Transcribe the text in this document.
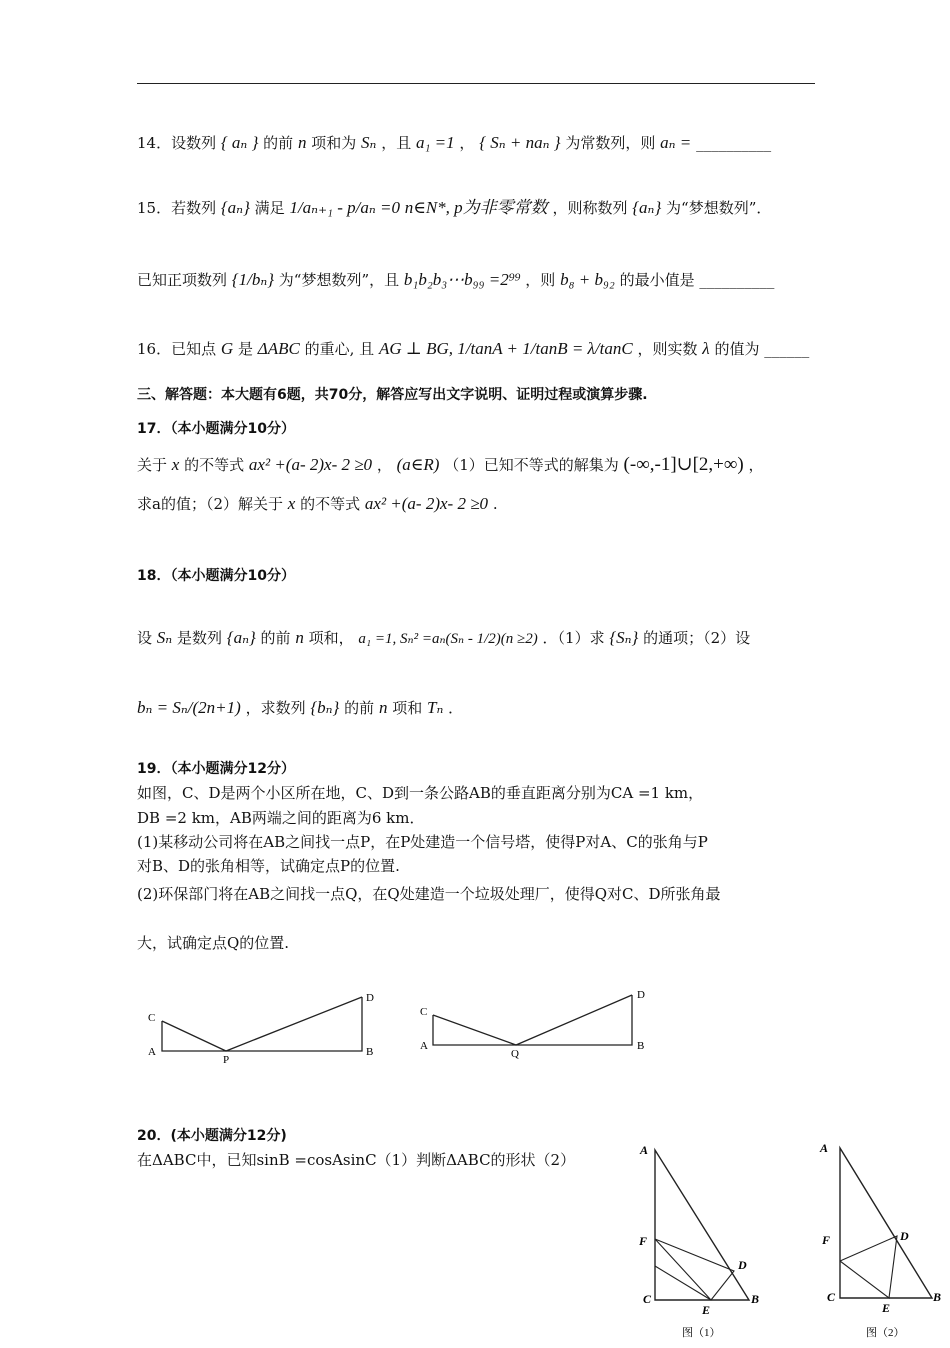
14．设数列 { aₙ } 的前 n 项和为 Sₙ ，且 a₁ =1 ， { Sₙ + naₙ } 为常数列，则 aₙ = __________
15．若数列 {aₙ} 满足 1/aₙ₊₁ - p/aₙ =0 n∈N*, p为非零常数 ，则称数列 {aₙ} 为“梦想数列”．
已知正项数列 {1/bₙ} 为“梦想数列”，且 b₁b₂b₃⋯b₉₉ =2⁹⁹ ，则 b₈ + b₉₂ 的最小值是 __________
16．已知点 G 是 ΔABC 的重心, 且 AG ⊥ BG, 1/tanA + 1/tanB = λ/tanC ，则实数 λ 的值为 ______
三、解答题：本大题有6题，共70分，解答应写出文字说明、证明过程或演算步骤.
17．（本小题满分10分）
关于 x 的不等式 ax² +(a- 2)x- 2 ≥0 ， (a∈R) （1）已知不等式的解集为 (-∞,-1]∪[2,+∞) ，
求a的值；（2）解关于 x 的不等式 ax² +(a- 2)x- 2 ≥0 .
18．（本小题满分10分）
设 Sₙ 是数列 {aₙ} 的前 n 项和， a₁ =1, Sₙ² =aₙ(Sₙ - 1/2)(n ≥2) ．（1）求 {Sₙ} 的通项；（2）设
bₙ = Sₙ/(2n+1) ，求数列 {bₙ} 的前 n 项和 Tₙ ．
19．（本小题满分12分）
如图，C、D是两个小区所在地，C、D到一条公路AB的垂直距离分别为CA =1 km，
DB =2 km，AB两端之间的距离为6 km．
(1)某移动公司将在AB之间找一点P，在P处建造一个信号塔，使得P对A、C的张角与P
对B、D的张角相等，试确定点P的位置.
(2)环保部门将在AB之间找一点Q，在Q处建造一个垃圾处理厂，使得Q对C、D所张角最
大，试确定点Q的位置.
C
A
P
D
B
C
A
Q
D
B
20．(本小题满分12分)
在ΔABC中，已知sinB =cosAsinC（1）判断ΔABC的形状（2）
A
F
D
C
E
B
图（1）
A
F	D
C
E
B
图（2）
